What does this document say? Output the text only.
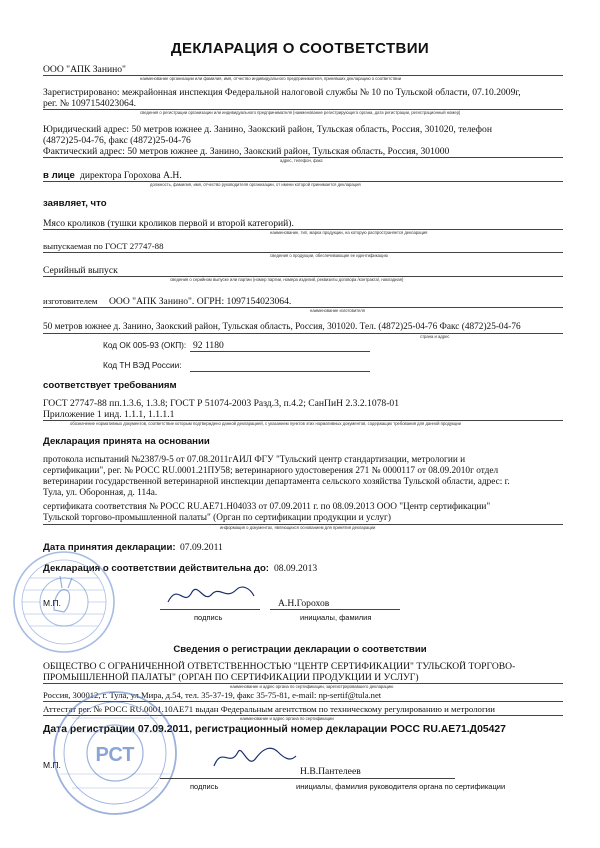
ДЕКЛАРАЦИЯ О СООТВЕТСТВИИ
ООО "АПК Занино"
наименование организации или фамилия, имя, отчество индивидуального предпринимателя, принявших декларацию о соответствии
Зарегистрировано: межрайонная инспекция Федеральной налоговой службы № 10 по Тульской области, 07.10.2009г,
рег. № 1097154023064.
сведения о регистрации организации или индивидуального предпринимателя (наименование регистрирующего органа, дата регистрации, регистрационный номер)
Юридический адрес: 50 метров южнее д. Занино, Заокский район, Тульская область, Россия, 301020, телефон
(4872)25-04-76, факс (4872)25-04-76
Фактический адрес: 50 метров южнее д. Занино, Заокский район, Тульская область, Россия, 301000
адрес, телефон, факс
в лице директора Горохова А.Н.
должность, фамилия, имя, отчество руководителя организации, от имени которой принимается декларация
заявляет, что
Мясо кроликов (тушки кроликов первой и второй категорий).
наименование, тип, марка продукции, на которую распространяется декларация
выпускаемая по ГОСТ 27747-88
сведения о продукции, обеспечивающие ее идентификацию
Серийный выпуск
сведения о серийном выпуске или партии (номер партии, номера изделий, реквизиты договора /контракта/, накладная)
изготовителем ООО "АПК Занино". ОГРН: 1097154023064.
наименование изготовителя
50 метров южнее д. Занино, Заокский район, Тульская область, Россия, 301020. Тел. (4872)25-04-76 Факс (4872)25-04-76
страна и адрес
Код ОК 005-93 (ОКП): 92 1180
Код ТН ВЭД России:
соответствует требованиям
ГОСТ 27747-88 пп.1.3.6, 1.3.8; ГОСТ Р 51074-2003 Разд.3, п.4.2; СанПиН 2.3.2.1078-01
Приложение 1 инд. 1.1.1, 1.1.1.1
обозначение нормативных документов, соответствие которым подтверждено данной декларацией, с указанием пунктов этих нормативных документов, содержащих требования для данной продукции
Декларация принята на основании
протокола испытаний №2387/9-5 от 07.08.2011гАИЛ ФГУ "Тульский центр стандартизации, метрологии и
сертификации", рег. № РОСС RU.0001.21ПУ58; ветеринарного удостоверения 271 № 0000117 от 08.09.2010г отдел
ветеринарии государственной ветеринарной инспекции департамента сельского хозяйства Тульской области, адрес: г.
Тула, ул. Оборонная, д. 114а.
сертификата соответствия № РОСС RU.АЕ71.Н04033 от 07.09.2011 г. по 08.09.2013 ООО "Центр сертификации"
Тульской торгово-промышленной палаты" (Орган по сертификации продукции и услуг)
информация о документах, являющихся основанием для принятия декларации
Дата принятия декларации: 07.09.2011
Декларация о соответствии действительна до: 08.09.2013
М.П.	А.Н.Горохов
подпись	инициалы, фамилия
Сведения о регистрации декларации о соответствии
ОБЩЕСТВО С ОГРАНИЧЕННОЙ ОТВЕТСТВЕННОСТЬЮ "ЦЕНТР СЕРТИФИКАЦИИ" ТУЛЬСКОЙ ТОРГОВО-
ПРОМЫШЛЕННОЙ ПАЛАТЫ" (ОРГАН ПО СЕРТИФИКАЦИИ ПРОДУКЦИИ И УСЛУГ)
наименование и адрес органа по сертификации, зарегистрировавшего декларацию
Россия, 300012, г. Тула, ул.Мира, д.54, тел. 35-37-19, факс 35-75-81, e-mail: np-sertif@tula.net
Аттестат рег. № РОСС RU.0001.10АЕ71 выдан Федеральным агентством по техническому регулированию и метрологии
наименование и адрес органа по сертификации
Дата регистрации 07.09.2011, регистрационный номер декларации РОСС RU.АЕ71.Д05427
РСТ
М.П.
Н.В.Пантелеев
подпись	инициалы, фамилия руководителя органа по сертификации
